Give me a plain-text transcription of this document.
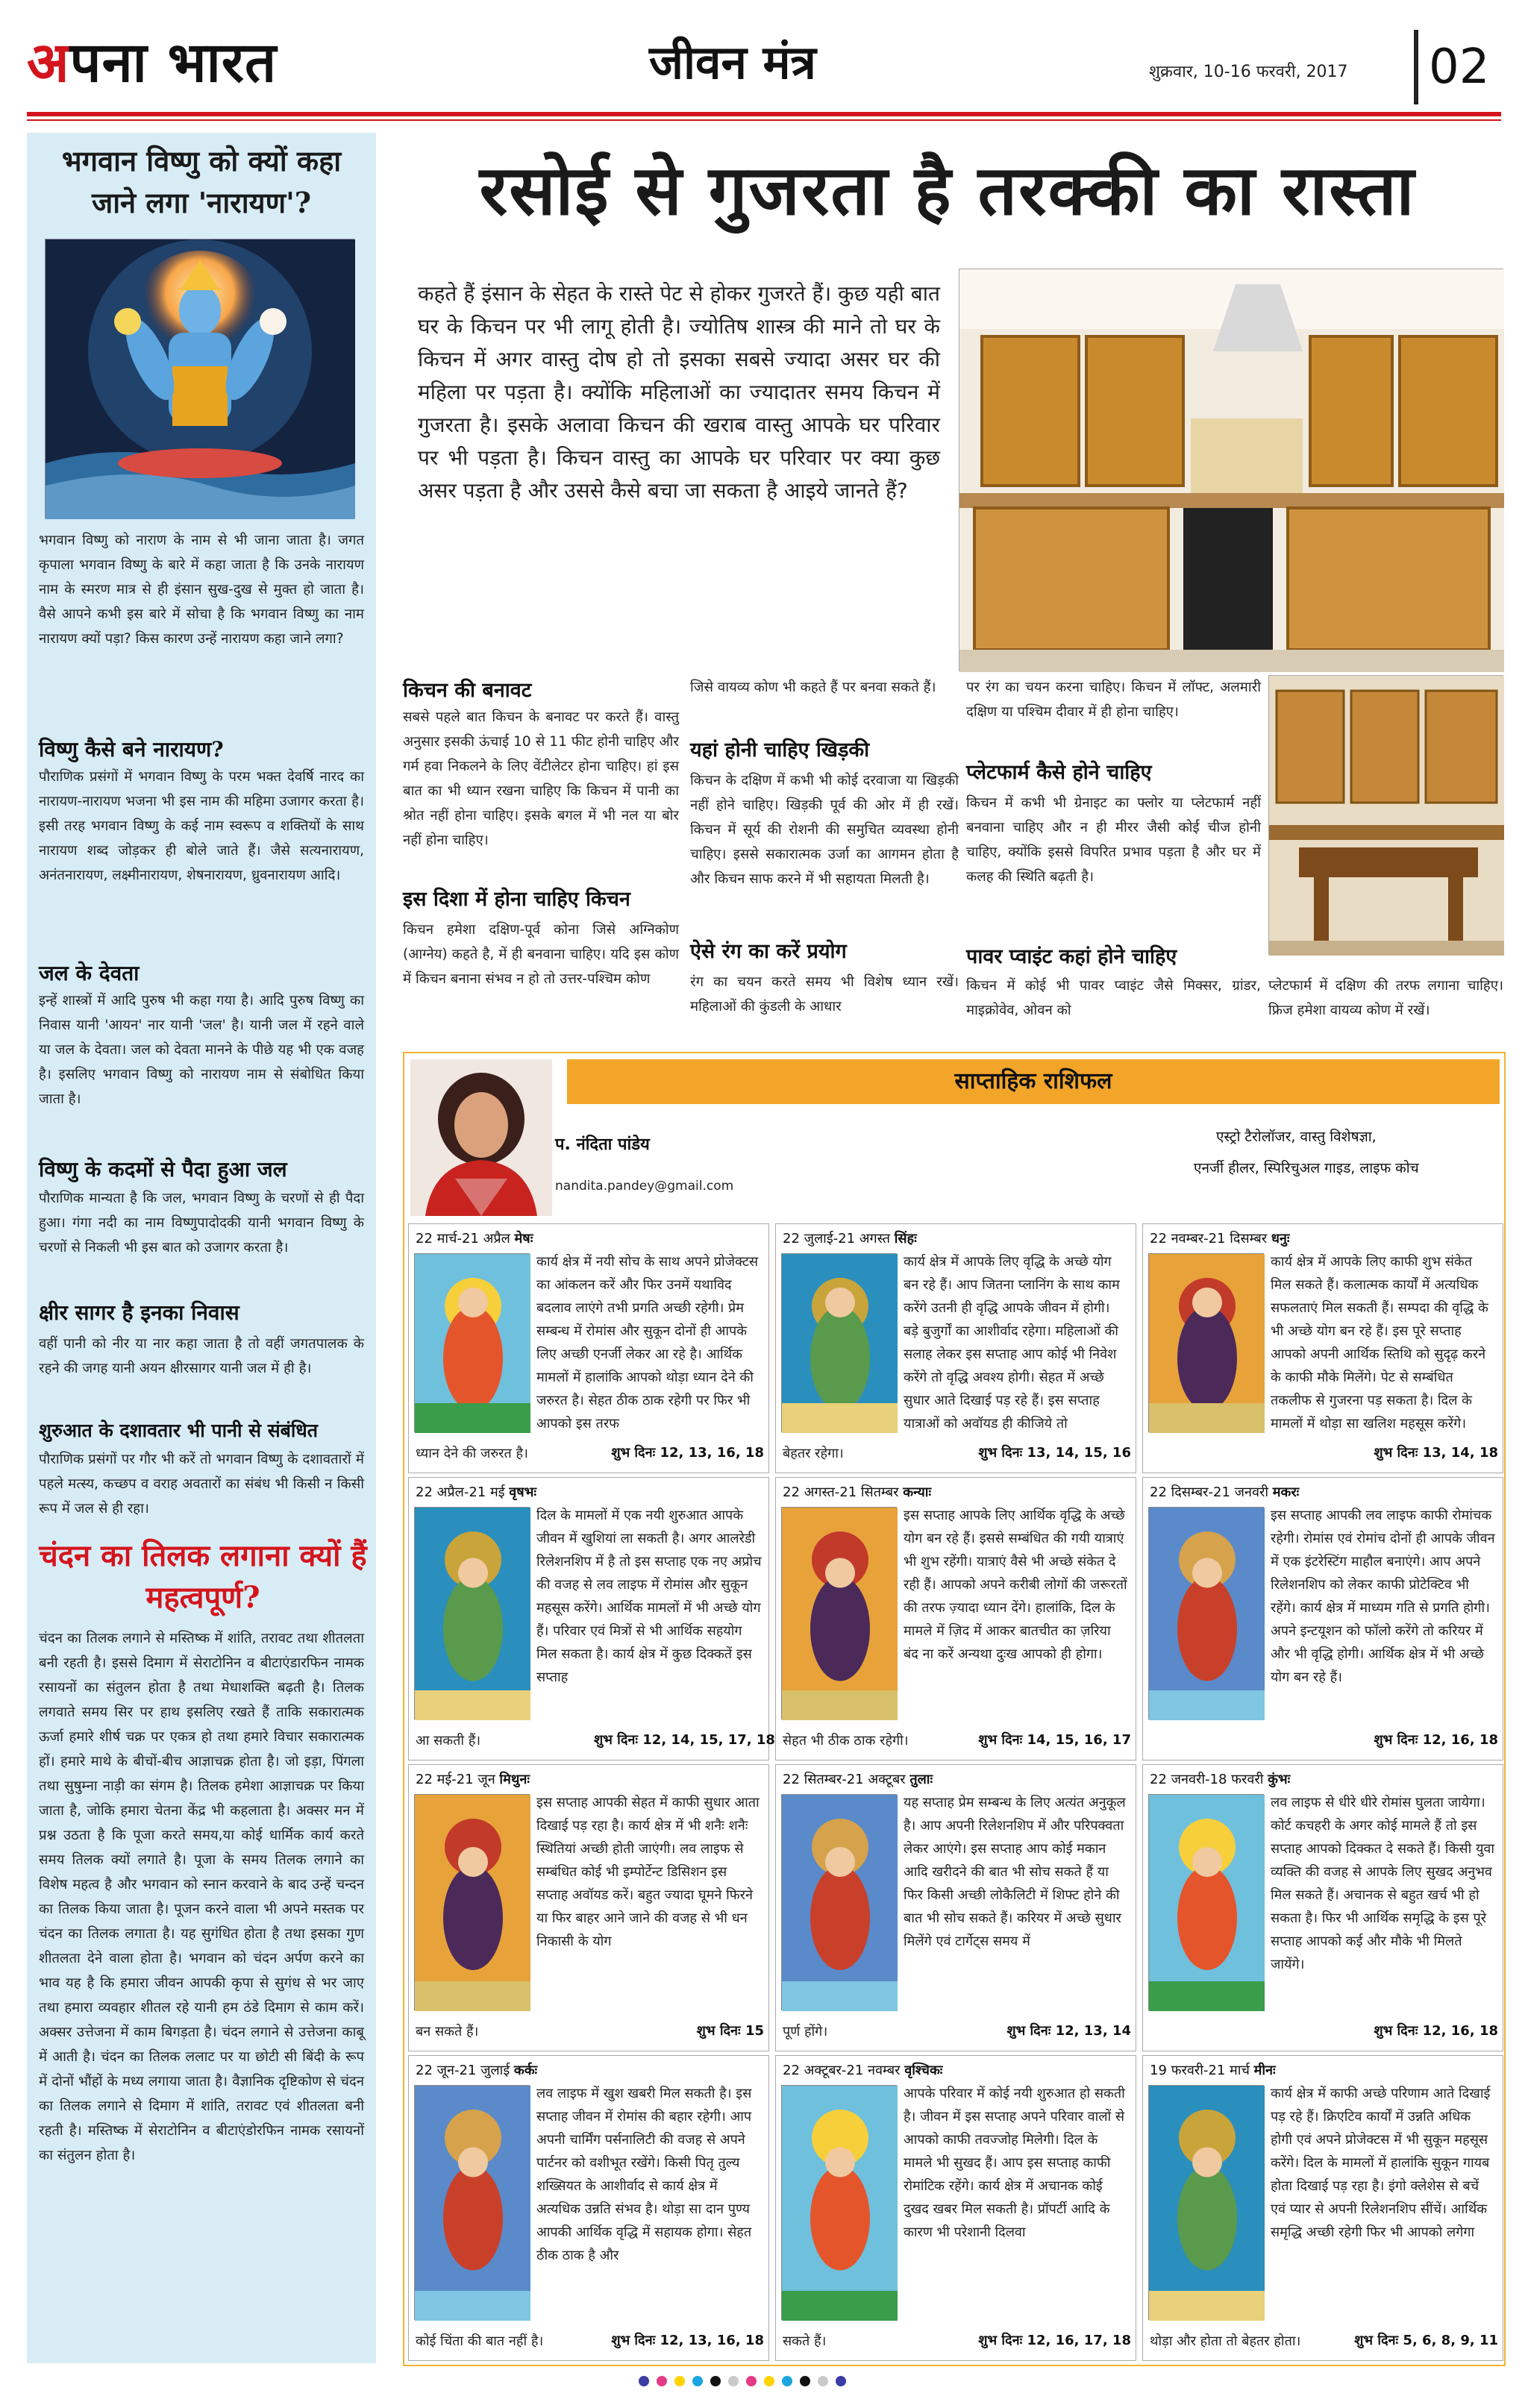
अपना भारत	जीवन मंत्र	शुक्रवार, 10-16 फरवरी, 2017	02
भगवान विष्णु को क्यों कहा जाने लगा 'नारायण'?
भगवान विष्णु को नाराण के नाम से भी जाना जाता है। जगत कृपाला भगवान विष्णु के बारे में कहा जाता है कि उनके नारायण नाम के स्मरण मात्र से ही इंसान सुख-दुख से मुक्त हो जाता है। वैसे आपने कभी इस बारे में सोचा है कि भगवान विष्णु का नाम नारायण क्यों पड़ा? किस कारण उन्हें नारायण कहा जाने लगा?
विष्णु कैसे बने नारायण?
पौराणिक प्रसंगों में भगवान विष्णु के परम भक्त देवर्षि नारद का नारायण-नारायण भजना भी इस नाम की महिमा उजागर करता है। इसी तरह भगवान विष्णु के कई नाम स्वरूप व शक्तियों के साथ नारायण शब्द जोड़कर ही बोले जाते हैं। जैसे सत्यनारायण, अनंतनारायण, लक्ष्मीनारायण, शेषनारायण, ध्रुवनारायण आदि।
जल के देवता
इन्हें शास्त्रों में आदि पुरुष भी कहा गया है। आदि पुरुष विष्णु का निवास यानी 'आयन' नार यानी 'जल' है। यानी जल में रहने वाले या जल के देवता। जल को देवता मानने के पीछे यह भी एक वजह है। इसलिए भगवान विष्णु को नारायण नाम से संबोधित किया जाता है।
विष्णु के कदमों से पैदा हुआ जल
पौराणिक मान्यता है कि जल, भगवान विष्णु के चरणों से ही पैदा हुआ। गंगा नदी का नाम विष्णुपादोदकी यानी भगवान विष्णु के चरणों से निकली भी इस बात को उजागर करता है।
क्षीर सागर है इनका निवास
वहीं पानी को नीर या नार कहा जाता है तो वहीं जगतपालक के रहने की जगह यानी अयन क्षीरसागर यानी जल में ही है।
शुरुआत के दशावतार भी पानी से संबंधित
पौराणिक प्रसंगों पर गौर भी करें तो भगवान विष्णु के दशावतारों में पहले मत्स्य, कच्छप व वराह अवतारों का संबंध भी किसी न किसी रूप में जल से ही रहा।
चंदन का तिलक लगाना क्यों हैं महत्वपूर्ण?
चंदन का तिलक लगाने से मस्तिष्क में शांति, तरावट तथा शीतलता बनी रहती है। इससे दिमाग में सेराटोनिन व बीटाएंडारफिन नामक रसायनों का संतुलन होता है तथा मेधाशक्ति बढ़ती है। तिलक लगवाते समय सिर पर हाथ इसलिए रखते हैं ताकि सकारात्मक ऊर्जा हमारे शीर्ष चक्र पर एकत्र हो तथा हमारे विचार सकारात्मक हों। हमारे माथे के बीचों-बीच आज्ञाचक्र होता है। जो इड़ा, पिंगला तथा सुषुम्ना नाड़ी का संगम है। तिलक हमेशा आज्ञाचक्र पर किया जाता है, जोकि हमारा चेतना केंद्र भी कहलाता है। अक्सर मन में प्रश्न उठता है कि पूजा करते समय,या कोई धार्मिक कार्य करते समय तिलक क्यों लगाते है। पूजा के समय तिलक लगाने का विशेष महत्व है और भगवान को स्नान करवाने के बाद उन्हें चन्दन का तिलक किया जाता है। पूजन करने वाला भी अपने मस्तक पर चंदन का तिलक लगाता है। यह सुगंधित होता है तथा इसका गुण शीतलता देने वाला होता है। भगवान को चंदन अर्पण करने का भाव यह है कि हमारा जीवन आपकी कृपा से सुगंध से भर जाए तथा हमारा व्यवहार शीतल रहे यानी हम ठंडे दिमाग से काम करें। अक्सर उत्तेजना में काम बिगड़ता है। चंदन लगाने से उत्तेजना काबू में आती है। चंदन का तिलक ललाट पर या छोटी सी बिंदी के रूप में दोनों भौंहों के मध्य लगाया जाता है। वैज्ञानिक दृष्टिकोण से चंदन का तिलक लगाने से दिमाग में शांति, तरावट एवं शीतलता बनी रहती है। मस्तिष्क में सेराटोनिन व बीटाएंडोरफिन नामक रसायनों का संतुलन होता है।
रसोई से गुजरता है तरक्की का रास्ता
कहते हैं इंसान के सेहत के रास्ते पेट से होकर गुजरते हैं। कुछ यही बात घर के किचन पर भी लागू होती है। ज्योतिष शास्त्र की माने तो घर के किचन में अगर वास्तु दोष हो तो इसका सबसे ज्यादा असर घर की महिला पर पड़ता है। क्योंकि महिलाओं का ज्यादातर समय किचन में गुजरता है। इसके अलावा किचन की खराब वास्तु आपके घर परिवार पर भी पड़ता है। किचन वास्तु का आपके घर परिवार पर क्या कुछ असर पड़ता है और उससे कैसे बचा जा सकता है आइये जानते हैं?
किचन की बनावट
सबसे पहले बात किचन के बनावट पर करते हैं। वास्तु अनुसार इसकी ऊंचाई 10 से 11 फीट होनी चाहिए और गर्म हवा निकलने के लिए वेंटीलेटर होना चाहिए। हां इस बात का भी ध्यान रखना चाहिए कि किचन में पानी का श्रोत नहीं होना चाहिए। इसके बगल में भी नल या बोर नहीं होना चाहिए।
इस दिशा में होना चाहिए किचन
किचन हमेशा दक्षिण-पूर्व कोना जिसे अग्निकोण (आग्नेय) कहते है, में ही बनवाना चाहिए। यदि इस कोण में किचन बनाना संभव न हो तो उत्तर-पश्चिम कोण
जिसे वायव्य कोण भी कहते हैं पर बनवा सकते हैं।
यहां होनी चाहिए खिड़की
किचन के दक्षिण में कभी भी कोई दरवाजा या खिड़की नहीं होने चाहिए। खिड़की पूर्व की ओर में ही रखें। किचन में सूर्य की रोशनी की समुचित व्यवस्था होनी चाहिए। इससे सकारात्मक उर्जा का आगमन होता है और किचन साफ करने में भी सहायता मिलती है।
ऐसे रंग का करें प्रयोग
रंग का चयन करते समय भी विशेष ध्यान रखें। महिलाओं की कुंडली के आधार
पर रंग का चयन करना चाहिए। किचन में लॉफ्ट, अलमारी दक्षिण या पश्चिम दीवार में ही होना चाहिए।
प्लेटफार्म कैसे होने चाहिए
किचन में कभी भी ग्रेनाइट का फ्लोर या प्लेटफार्म नहीं बनवाना चाहिए और न ही मीरर जैसी कोई चीज होनी चाहिए, क्योंकि इससे विपरित प्रभाव पड़ता है और घर में कलह की स्थिति बढ़ती है।
पावर प्वाइंट कहां होने चाहिए
किचन में कोई भी पावर प्वाइंट जैसे मिक्सर, ग्रांडर, माइक्रोवेव, ओवन को
प्लेटफार्म में दक्षिण की तरफ लगाना चाहिए। फ्रिज हमेशा वायव्य कोण में रखें।
साप्ताहिक राशिफल
प. नंदिता पांडेय
nandita.pandey@gmail.com
एस्ट्रो टैरोलॉजर, वास्तु विशेषज्ञा,
एनर्जी हीलर, स्पिरिचुअल गाइड, लाइफ कोच
22 मार्च-21 अप्रैल मेषः
कार्य क्षेत्र में नयी सोच के साथ अपने प्रोजेक्टस का आंकलन करें और फिर उनमें यथाविद बदलाव लाएंगे तभी प्रगति अच्छी रहेगी। प्रेम सम्बन्ध में रोमांस और सुकून दोनों ही आपके लिए अच्छी एनर्जी लेकर आ रहे है। आर्थिक मामलों में हालांकि आपको थोड़ा ध्यान देने की जरुरत है। सेहत ठीक ठाक रहेगी पर फिर भी आपको इस तरफ
ध्यान देने की जरुरत है।	शुभ दिनः 12, 13, 16, 18
22 जुलाई-21 अगस्त सिंहः
कार्य क्षेत्र में आपके लिए वृद्धि के अच्छे योग बन रहे हैं। आप जितना प्लानिंग के साथ काम करेंगे उतनी ही वृद्धि आपके जीवन में होगी। बड़े बुजुर्गों का आशीर्वाद रहेगा। महिलाओं की सलाह लेकर इस सप्ताह आप कोई भी निवेश करेंगे तो वृद्धि अवश्य होगी। सेहत में अच्छे सुधार आते दिखाई पड़ रहे हैं। इस सप्ताह यात्राओं को अवॉयड ही कीजिये तो
बेहतर रहेगा।	शुभ दिनः 13, 14, 15, 16
22 नवम्बर-21 दिसम्बर धनुः
कार्य क्षेत्र में आपके लिए काफी शुभ संकेत मिल सकते हैं। कलात्मक कार्यों में अत्यधिक सफलताएं मिल सकती हैं। सम्पदा की वृद्धि के भी अच्छे योग बन रहे हैं। इस पूरे सप्ताह आपको अपनी आर्थिक स्तिथि को सुदृढ़ करने के काफी मौके मिलेंगे। पेट से सम्बंधित तकलीफ से गुजरना पड़ सकता है। दिल के मामलों में थोड़ा सा खलिश महसूस करेंगे।
शुभ दिनः 13, 14, 18
22 अप्रैल-21 मई वृषभः
दिल के मामलों में एक नयी शुरुआत आपके जीवन में खुशियां ला सकती है। अगर आलरेडी रिलेशनशिप में है तो इस सप्ताह एक नए अप्रोच की वजह से लव लाइफ में रोमांस और सुकून महसूस करेंगे। आर्थिक मामलों में भी अच्छे योग हैं। परिवार एवं मित्रों से भी आर्थिक सहयोग मिल सकता है। कार्य क्षेत्र में कुछ दिक्कतें इस सप्ताह
आ सकती हैं।	शुभ दिनः 12, 14, 15, 17, 18
22 अगस्त-21 सितम्बर कन्याः
इस सप्ताह आपके लिए आर्थिक वृद्धि के अच्छे योग बन रहे हैं। इससे सम्बंधित की गयी यात्राएं भी शुभ रहेंगी। यात्राएं वैसे भी अच्छे संकेत दे रही हैं। आपको अपने करीबी लोगों की जरूरतों की तरफ ज़्यादा ध्यान देंगे। हालांकि, दिल के मामले में ज़िद में आकर बातचीत का ज़रिया बंद ना करें अन्यथा दुःख आपको ही होगा।
सेहत भी ठीक ठाक रहेगी।	शुभ दिनः 14, 15, 16, 17
22 दिसम्बर-21 जनवरी मकरः
इस सप्ताह आपकी लव लाइफ काफी रोमांचक रहेगी। रोमांस एवं रोमांच दोनों ही आपके जीवन में एक इंटरेस्टिंग माहौल बनाएंगे। आप अपने रिलेशनशिप को लेकर काफी प्रोटेक्टिव भी रहेंगे। कार्य क्षेत्र में माध्यम गति से प्रगति होगी। अपने इन्टयूशन को फॉलो करेंगे तो करियर में और भी वृद्धि होगी। आर्थिक क्षेत्र में भी अच्छे योग बन रहे हैं।
शुभ दिनः 12, 16, 18
22 मई-21 जून मिथुनः
इस सप्ताह आपकी सेहत में काफी सुधार आता दिखाई पड़ रहा है। कार्य क्षेत्र में भी शनैः शनैः स्थितियां अच्छी होती जाएंगी। लव लाइफ से सम्बंधित कोई भी इम्पोर्टेन्ट डिसिशन इस सप्ताह अवॉयड करें। बहुत ज्यादा घूमने फिरने या फिर बाहर आने जाने की वजह से भी धन निकासी के योग
बन सकते हैं।	शुभ दिनः 15
22 सितम्बर-21 अक्टूबर तुलाः
यह सप्ताह प्रेम सम्बन्ध के लिए अत्यंत अनुकूल है। आप अपनी रिलेशनशिप में और परिपक्वता लेकर आएंगे। इस सप्ताह आप कोई मकान आदि खरीदने की बात भी सोच सकते हैं या फिर किसी अच्छी लोकैलिटी में शिफ्ट होने की बात भी सोच सकते हैं। करियर में अच्छे सुधार मिलेंगे एवं टार्गेट्स समय में
पूर्ण होंगे।	शुभ दिनः 12, 13, 14
22 जनवरी-18 फरवरी कुंभः
लव लाइफ से धीरे धीरे रोमांस घुलता जायेगा। कोर्ट कचहरी के अगर कोई मामले हैं तो इस सप्ताह आपको दिक्कत दे सकते हैं। किसी युवा व्यक्ति की वजह से आपके लिए सुखद अनुभव मिल सकते हैं। अचानक से बहुत खर्च भी हो सकता है। फिर भी आर्थिक समृद्धि के इस पूरे सप्ताह आपको कई और मौके भी मिलते जायेंगे।
शुभ दिनः 12, 16, 18
22 जून-21 जुलाई कर्कः
लव लाइफ में खुश खबरी मिल सकती है। इस सप्ताह जीवन में रोमांस की बहार रहेगी। आप अपनी चार्मिंग पर्सनालिटी की वजह से अपने पार्टनर को वशीभूत रखेंगे। किसी पितृ तुल्य शख्सियत के आशीर्वाद से कार्य क्षेत्र में अत्यधिक उन्नति संभव है। थोड़ा सा दान पुण्य आपकी आर्थिक वृद्धि में सहायक होगा। सेहत ठीक ठाक है और
कोई चिंता की बात नहीं है।	शुभ दिनः 12, 13, 16, 18
22 अक्टूबर-21 नवम्बर वृश्चिकः
आपके परिवार में कोई नयी शुरुआत हो सकती है। जीवन में इस सप्ताह अपने परिवार वालों से आपको काफी तवज्जोह मिलेगी। दिल के मामले भी सुखद हैं। आप इस सप्ताह काफी रोमांटिक रहेंगे। कार्य क्षेत्र में अचानक कोई दुखद खबर मिल सकती है। प्रॉपर्टी आदि के कारण भी परेशानी दिलवा
सकते हैं।	शुभ दिनः 12, 16, 17, 18
19 फरवरी-21 मार्च मीनः
कार्य क्षेत्र में काफी अच्छे परिणाम आते दिखाई पड़ रहे हैं। क्रिएटिव कार्यों में उन्नति अधिक होगी एवं अपने प्रोजेक्टस में भी सुकून महसूस करेंगे। दिल के मामलों में हालांकि सुकून गायब होता दिखाई पड़ रहा है। इंगो क्लेशेस से बचें एवं प्यार से अपनी रिलेशनशिप सींचें। आर्थिक समृद्धि अच्छी रहेगी फिर भी आपको लगेगा
थोड़ा और होता तो बेहतर होता।	शुभ दिनः 5, 6, 8, 9, 11
